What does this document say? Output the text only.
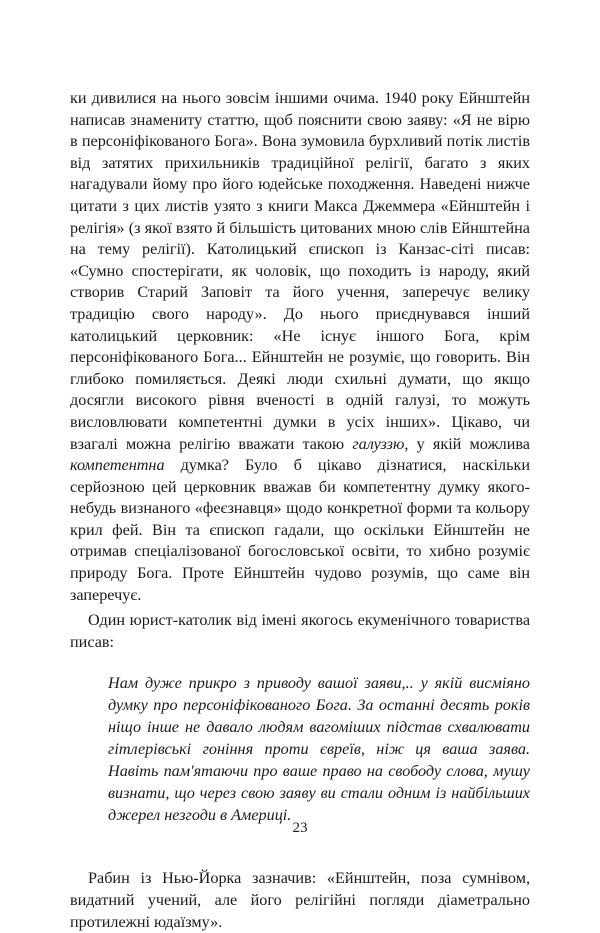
ки дивилися на нього зовсім іншими очима. 1940 року Ейнштейн написав знамениту статтю, щоб пояснити свою заяву: «Я не вірю в персоніфікованого Бога». Вона зумовила бурхливий потік листів від затятих прихильників традиційної релігії, багато з яких нагадували йому про його юдейське походження. Наведені нижче цитати з цих листів узято з книги Макса Джеммера «Ейнштейн і релігія» (з якої взято й більшість цитованих мною слів Ейнштейна на тему релігії). Католицький єпископ із Канзас-сіті писав: «Сумно спостерігати, як чоловік, що походить із народу, який створив Старий Заповіт та його учення, заперечує велику традицію свого народу». До нього приєднувався інший католицький церковник: «Не існує іншого Бога, крім персоніфікованого Бога... Ейнштейн не розуміє, що говорить. Він глибоко помиляється. Деякі люди схильні думати, що якщо досягли високого рівня вченості в одній галузі, то можуть висловлювати компетентні думки в усіх інших». Цікаво, чи взагалі можна релігію вважати такою галуззю, у якій можлива компетентна думка? Було б цікаво дізнатися, наскільки серйозною цей церковник вважав би компетентну думку якого-небудь визнаного «феєзнавця» щодо конкретної форми та кольору крил фей. Він та єпископ гадали, що оскільки Ейнштейн не отримав спеціалізованої богословської освіти, то хибно розуміє природу Бога. Проте Ейнштейн чудово розумів, що саме він заперечує.

Один юрист-католик від імені якогось екуменічного товариства писав:

Нам дуже прикро з приводу вашої заяви,.. у якій висміяно думку про персоніфікованого Бога. За останні десять років ніщо інше не давало людям вагоміших підстав схвалювати гітлерівські гоніння проти євреїв, ніж ця ваша заява. Навіть пам'ятаючи про ваше право на свободу слова, мушу визнати, що через свою заяву ви стали одним із найбільших джерел незгоди в Америці.

Рабин із Нью-Йорка зазначив: «Ейнштейн, поза сумнівом, видатний учений, але його релігійні погляди діаметрально протилежні юдаїзму».

23
